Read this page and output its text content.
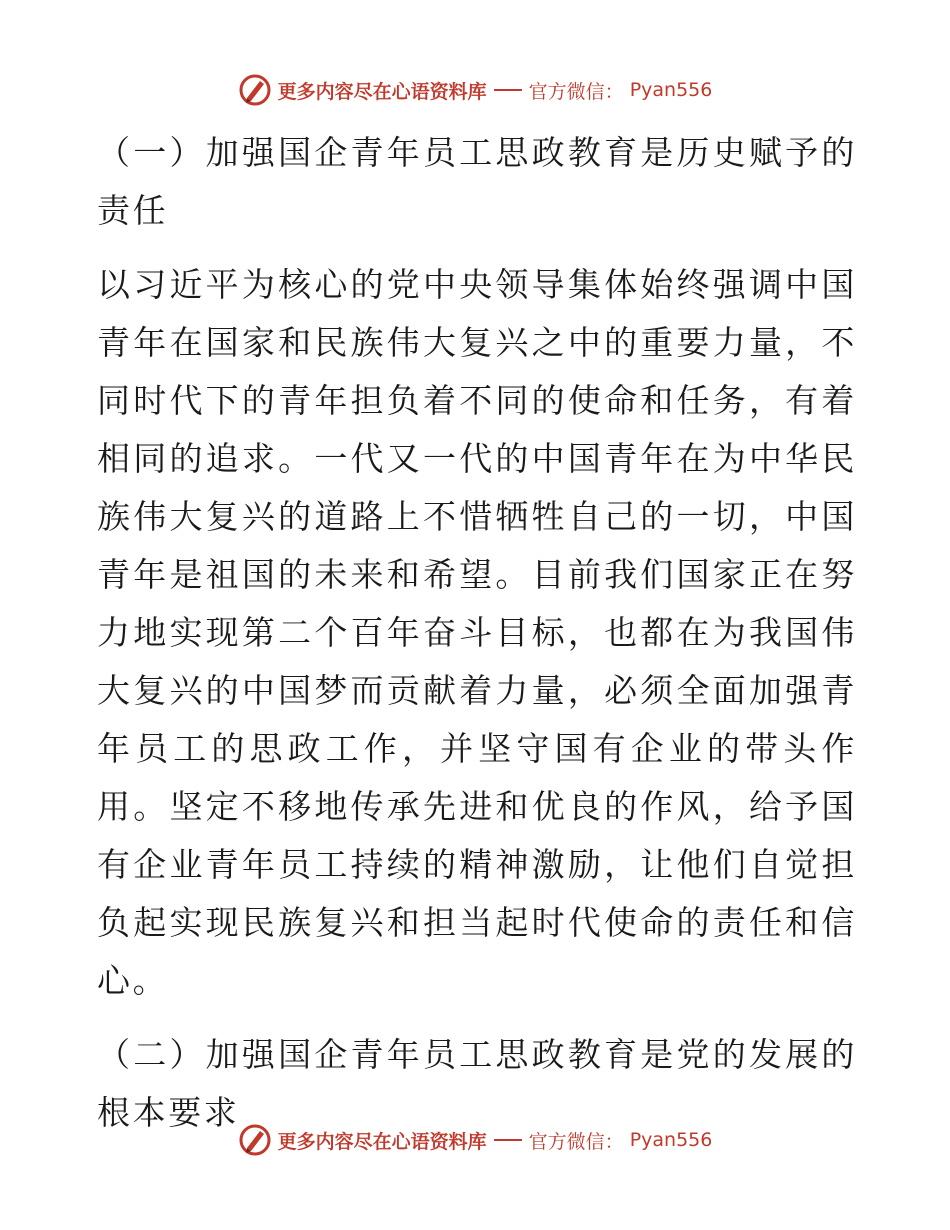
更多内容尽在心语资料库 官方微信： Pyan556

（一）加强国企青年员工思政教育是历史赋予的责任

以习近平为核心的党中央领导集体始终强调中国青年在国家和民族伟大复兴之中的重要力量，不同时代下的青年担负着不同的使命和任务，有着相同的追求。一代又一代的中国青年在为中华民族伟大复兴的道路上不惜牺牲自己的一切，中国青年是祖国的未来和希望。目前我们国家正在努力地实现第二个百年奋斗目标，也都在为我国伟大复兴的中国梦而贡献着力量，必须全面加强青年员工的思政工作，并坚守国有企业的带头作用。坚定不移地传承先进和优良的作风，给予国有企业青年员工持续的精神激励，让他们自觉担负起实现民族复兴和担当起时代使命的责任和信心。

（二）加强国企青年员工思政教育是党的发展的根本要求

更多内容尽在心语资料库 官方微信： Pyan556
